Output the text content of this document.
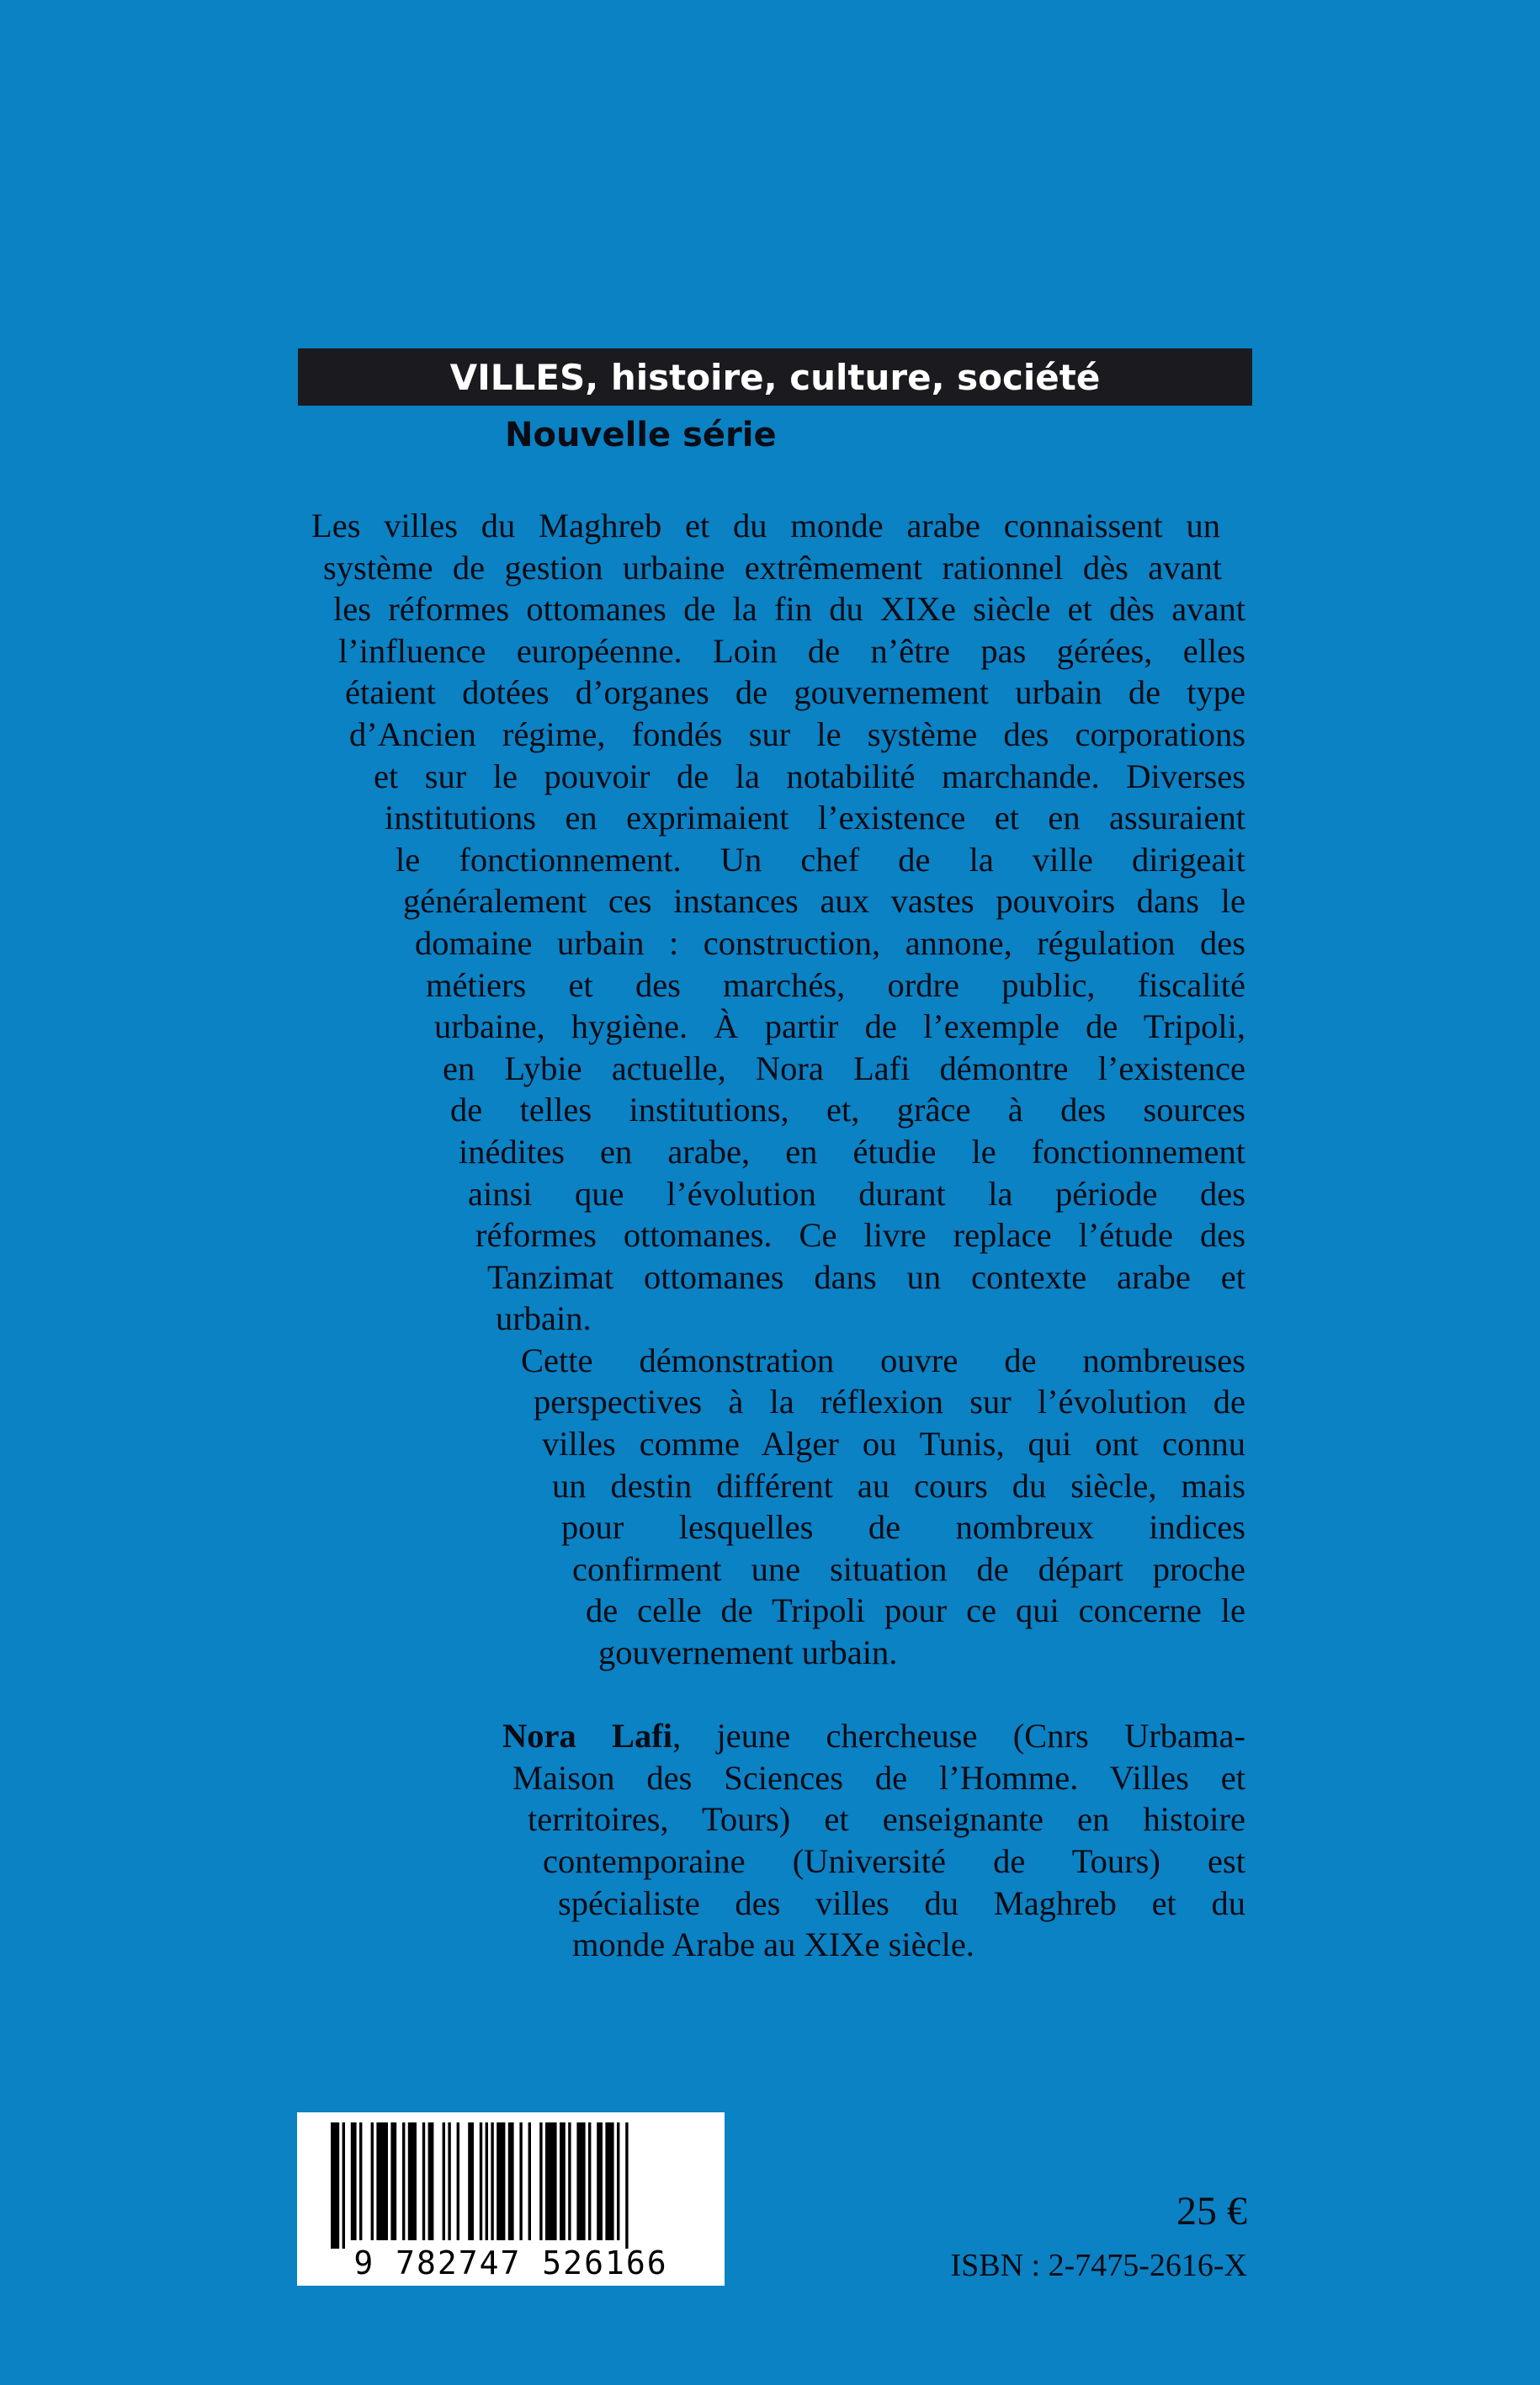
VILLES, histoire, culture, société
Nouvelle série
Les villes du Maghreb et du monde arabe connaissent un
système de gestion urbaine extrêmement rationnel dès avant
les réformes ottomanes de la fin du XIXe siècle et dès avant
l’influence européenne. Loin de n’être pas gérées, elles
étaient dotées d’organes de gouvernement urbain de type
d’Ancien régime, fondés sur le système des corporations
et sur le pouvoir de la notabilité marchande. Diverses
institutions en exprimaient l’existence et en assuraient
le fonctionnement. Un chef de la ville dirigeait
généralement ces instances aux vastes pouvoirs dans le
domaine urbain : construction, annone, régulation des
métiers et des marchés, ordre public, fiscalité
urbaine, hygiène. À partir de l’exemple de Tripoli,
en Lybie actuelle, Nora Lafi démontre l’existence
de telles institutions, et, grâce à des sources
inédites en arabe, en étudie le fonctionnement
ainsi que l’évolution durant la période des
réformes ottomanes. Ce livre replace l’étude des
Tanzimat ottomanes dans un contexte arabe et
urbain.
Cette démonstration ouvre de nombreuses
perspectives à la réflexion sur l’évolution de
villes comme Alger ou Tunis, qui ont connu
un destin différent au cours du siècle, mais
pour lesquelles de nombreux indices
confirment une situation de départ proche
de celle de Tripoli pour ce qui concerne le
gouvernement urbain.
Nora Lafi, jeune chercheuse (Cnrs Urbama-
Maison des Sciences de l’Homme. Villes et
territoires, Tours) et enseignante en histoire
contemporaine (Université de Tours) est
spécialiste des villes du Maghreb et du
monde Arabe au XIXe siècle.
9 782747 526166
25 €
ISBN : 2-7475-2616-X
